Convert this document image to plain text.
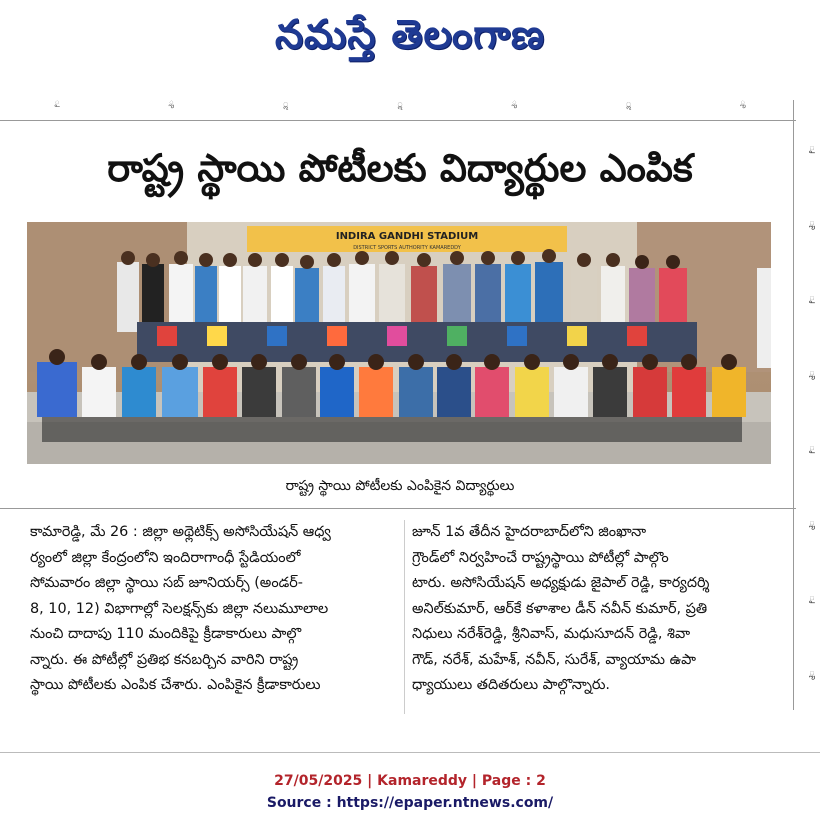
నమస్తే తెలంగాణ
ౖ	ౢ	ॢ	ॢ	ౢ	ॢ	ౢ
ౖ
ౢ
ౖ
ౢ
ౖ
ౢ
ౖ
ౢ
రాష్ట్ర స్థాయి పోటీలకు విద్యార్థుల ఎంపిక
INDIRA GANDHI STADIUM
DISTRICT SPORTS AUTHORITY KAMAREDDY
రాష్ట్ర స్థాయి పోటీలకు ఎంపికైన విద్యార్థులు
కామారెడ్డి, మే 26 : జిల్లా అథ్లెటిక్స్ అసోసియేషన్ ఆధ్వ
ర్యంలో జిల్లా కేంద్రంలోని ఇందిరాగాంధీ స్టేడియంలో
సోమవారం జిల్లా స్థాయి సబ్ జూనియర్స్ (అండర్-
8, 10, 12) విభాగాల్లో సెలక్షన్స్‌కు జిల్లా నలుమూలాల
నుంచి దాదాపు 110 మందికిపై క్రీడాకారులు పాల్గొ
న్నారు. ఈ పోటీల్లో ప్రతిభ కనబర్చిన వారిని రాష్ట్ర
స్థాయి పోటీలకు ఎంపిక చేశారు. ఎంపికైన క్రీడాకారులు
జూన్ 1వ తేదీన హైదరాబాద్‌లోని జింఖానా
గ్రౌండ్‌లో నిర్వహించే రాష్ట్రస్థాయి పోటీల్లో పాల్గొం
టారు. అసోసియేషన్ అధ్యక్షుడు జైపాల్ రెడ్డి, కార్యదర్శి
అనిల్‌కుమార్, ఆర్‌కే కళాశాల డీన్ నవీన్ కుమార్, ప్రతి
నిధులు నరేశ్‌రెడ్డి, శ్రీనివాస్, మధుసూదన్ రెడ్డి, శివా
గౌడ్, నరేశ్, మహేశ్, నవీన్, సురేశ్, వ్యాయామ ఉపా
ధ్యాయులు తదితరులు పాల్గొన్నారు.
27/05/2025 | Kamareddy | Page : 2
Source : https://epaper.ntnews.com/
